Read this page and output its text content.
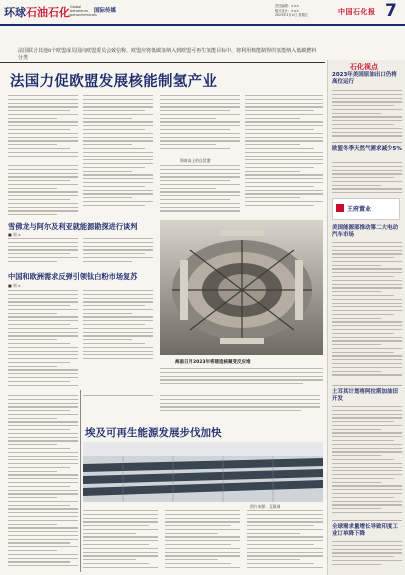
环球石油石化 Global
petroleum
petrochemicals
国际传媒
责任编辑：×××
版式设计：×××
2023年3月×日 星期五	中国石化报 7
法国联合其他8个欧盟成员国向欧盟委员会致信称，欧盟应将低碳氢纳入到欧盟可再生氢能目标中，将利用核能制得的氢能纳入低碳燃料分类
法国力促欧盟发展核能制氢产业
海南岛上的自贸港
雪佛龙与阿尔及利亚就能源勘探进行谈判
■ 刘 ×
中国和欧洲需求反弹引领钛白粉市场复苏
■ 刘 ×
海南日月2023年将建造核聚变反应堆
埃及可再生能源发展步伐加快
图片来源：互联网
石化视点
2023年美国原油出口仍将高位运行
欧盟冬季天然气需求减少5%
王府置业
美国能源部推动第二大电动汽车市场
土耳其计划将阿拉斯加油田开发
全球需求量增长导致印度工业订单降下降
